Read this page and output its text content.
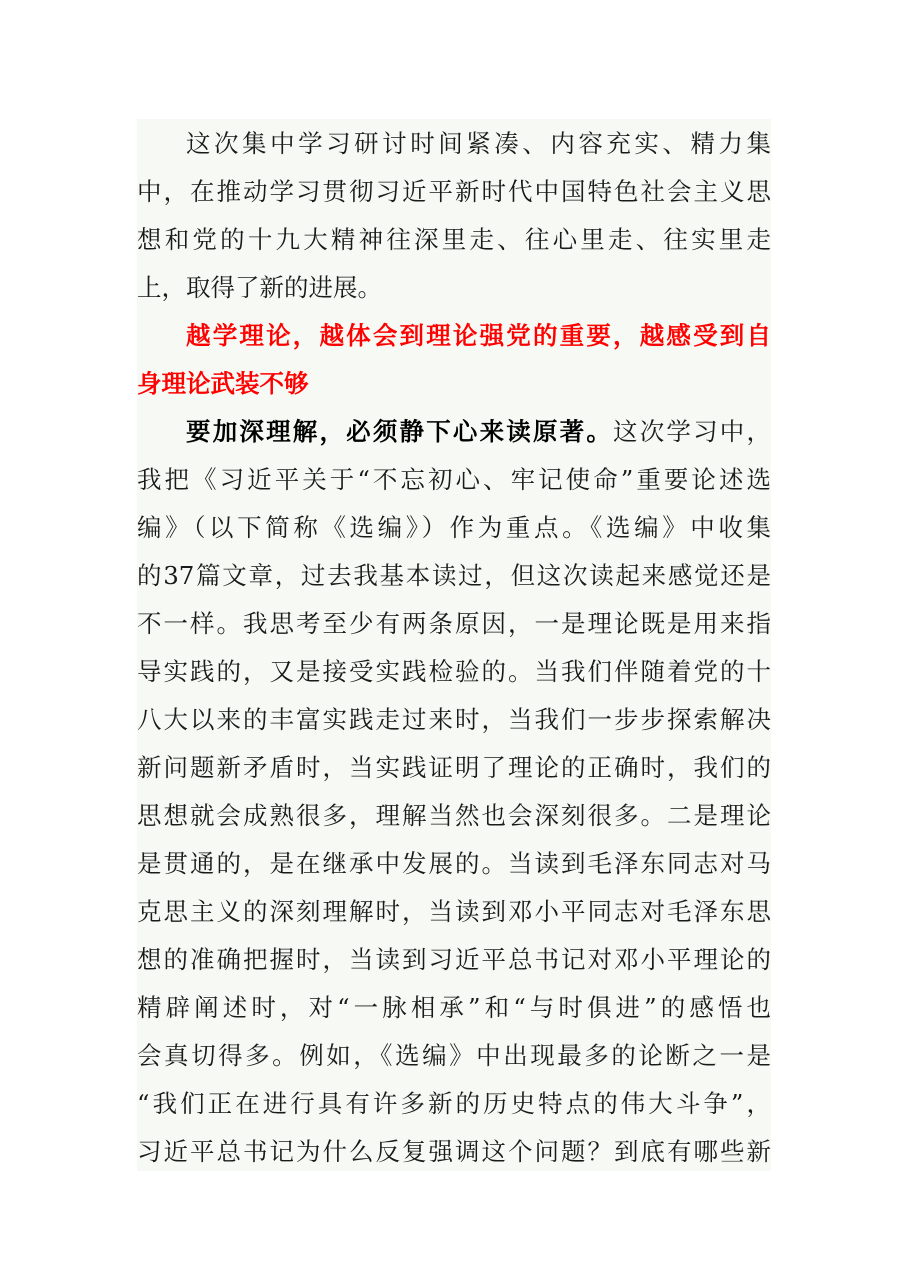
这次集中学习研讨时间紧凑、内容充实、精力集
中，在推动学习贯彻习近平新时代中国特色社会主义思
想和党的十九大精神往深里走、往心里走、往实里走
上，取得了新的进展。
越学理论，越体会到理论强党的重要，越感受到自
身理论武装不够
要加深理解，必须静下心来读原著。这次学习中，
我把《习近平关于“不忘初心、牢记使命”重要论述选
编》（以下简称《选编》）作为重点。《选编》中收集
的37篇文章，过去我基本读过，但这次读起来感觉还是
不一样。我思考至少有两条原因，一是理论既是用来指
导实践的，又是接受实践检验的。当我们伴随着党的十
八大以来的丰富实践走过来时，当我们一步步探索解决
新问题新矛盾时，当实践证明了理论的正确时，我们的
思想就会成熟很多，理解当然也会深刻很多。二是理论
是贯通的，是在继承中发展的。当读到毛泽东同志对马
克思主义的深刻理解时，当读到邓小平同志对毛泽东思
想的准确把握时，当读到习近平总书记对邓小平理论的
精辟阐述时，对“一脉相承”和“与时俱进”的感悟也
会真切得多。例如，《选编》中出现最多的论断之一是
“我们正在进行具有许多新的历史特点的伟大斗争”，
习近平总书记为什么反复强调这个问题？到底有哪些新
